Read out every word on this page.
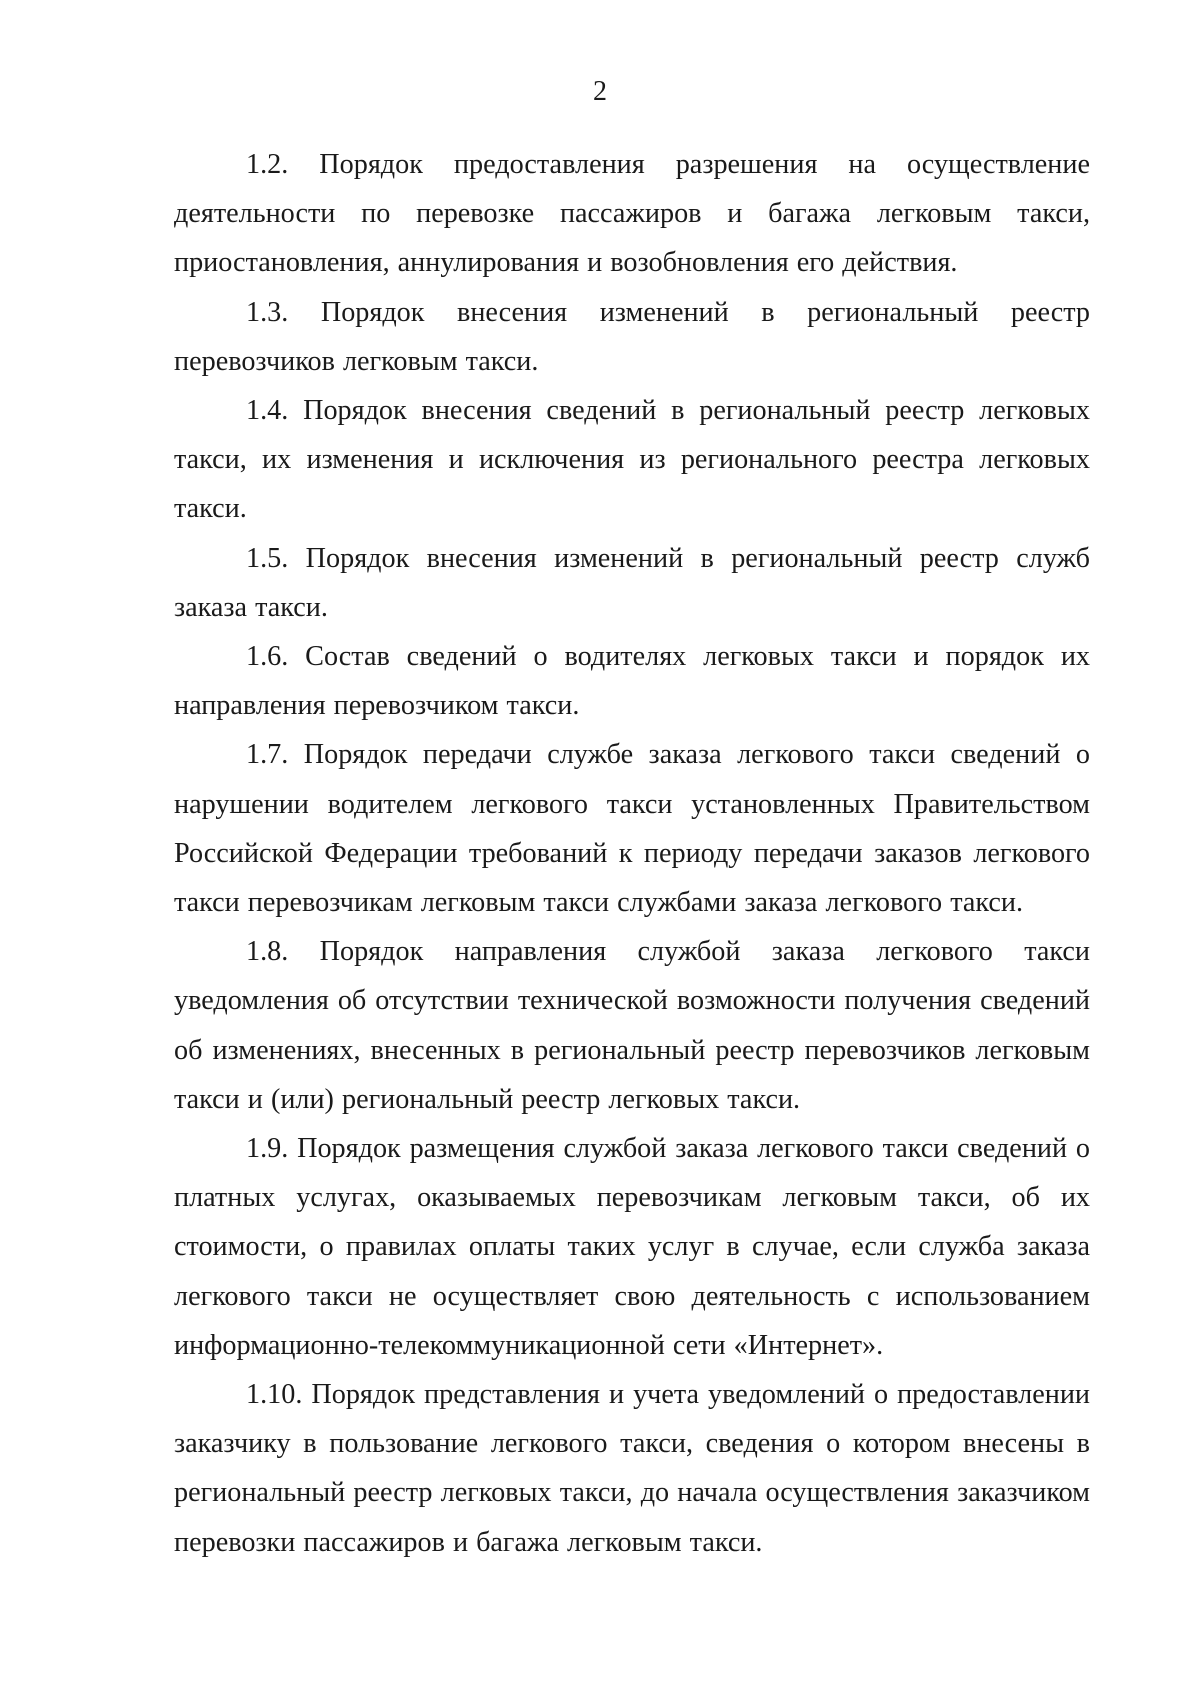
2

1.2. Порядок предоставления разрешения на осуществление деятельности по перевозке пассажиров и багажа легковым такси, приостановления, аннулирования и возобновления его действия.

1.3. Порядок внесения изменений в региональный реестр перевозчиков легковым такси.

1.4. Порядок внесения сведений в региональный реестр легковых такси, их изменения и исключения из регионального реестра легковых такси.

1.5. Порядок внесения изменений в региональный реестр служб заказа такси.

1.6. Состав сведений о водителях легковых такси и порядок их направления перевозчиком такси.

1.7. Порядок передачи службе заказа легкового такси сведений о нарушении водителем легкового такси установленных Правительством Российской Федерации требований к периоду передачи заказов легкового такси перевозчикам легковым такси службами заказа легкового такси.

1.8. Порядок направления службой заказа легкового такси уведомления об отсутствии технической возможности получения сведений об изменениях, внесенных в региональный реестр перевозчиков легковым такси и (или) региональный реестр легковых такси.

1.9. Порядок размещения службой заказа легкового такси сведений о платных услугах, оказываемых перевозчикам легковым такси, об их стоимости, о правилах оплаты таких услуг в случае, если служба заказа легкового такси не осуществляет свою деятельность с использованием информационно-телекоммуникационной сети «Интернет».

1.10. Порядок представления и учета уведомлений о предоставлении заказчику в пользование легкового такси, сведения о котором внесены в региональный реестр легковых такси, до начала осуществления заказчиком перевозки пассажиров и багажа легковым такси.
